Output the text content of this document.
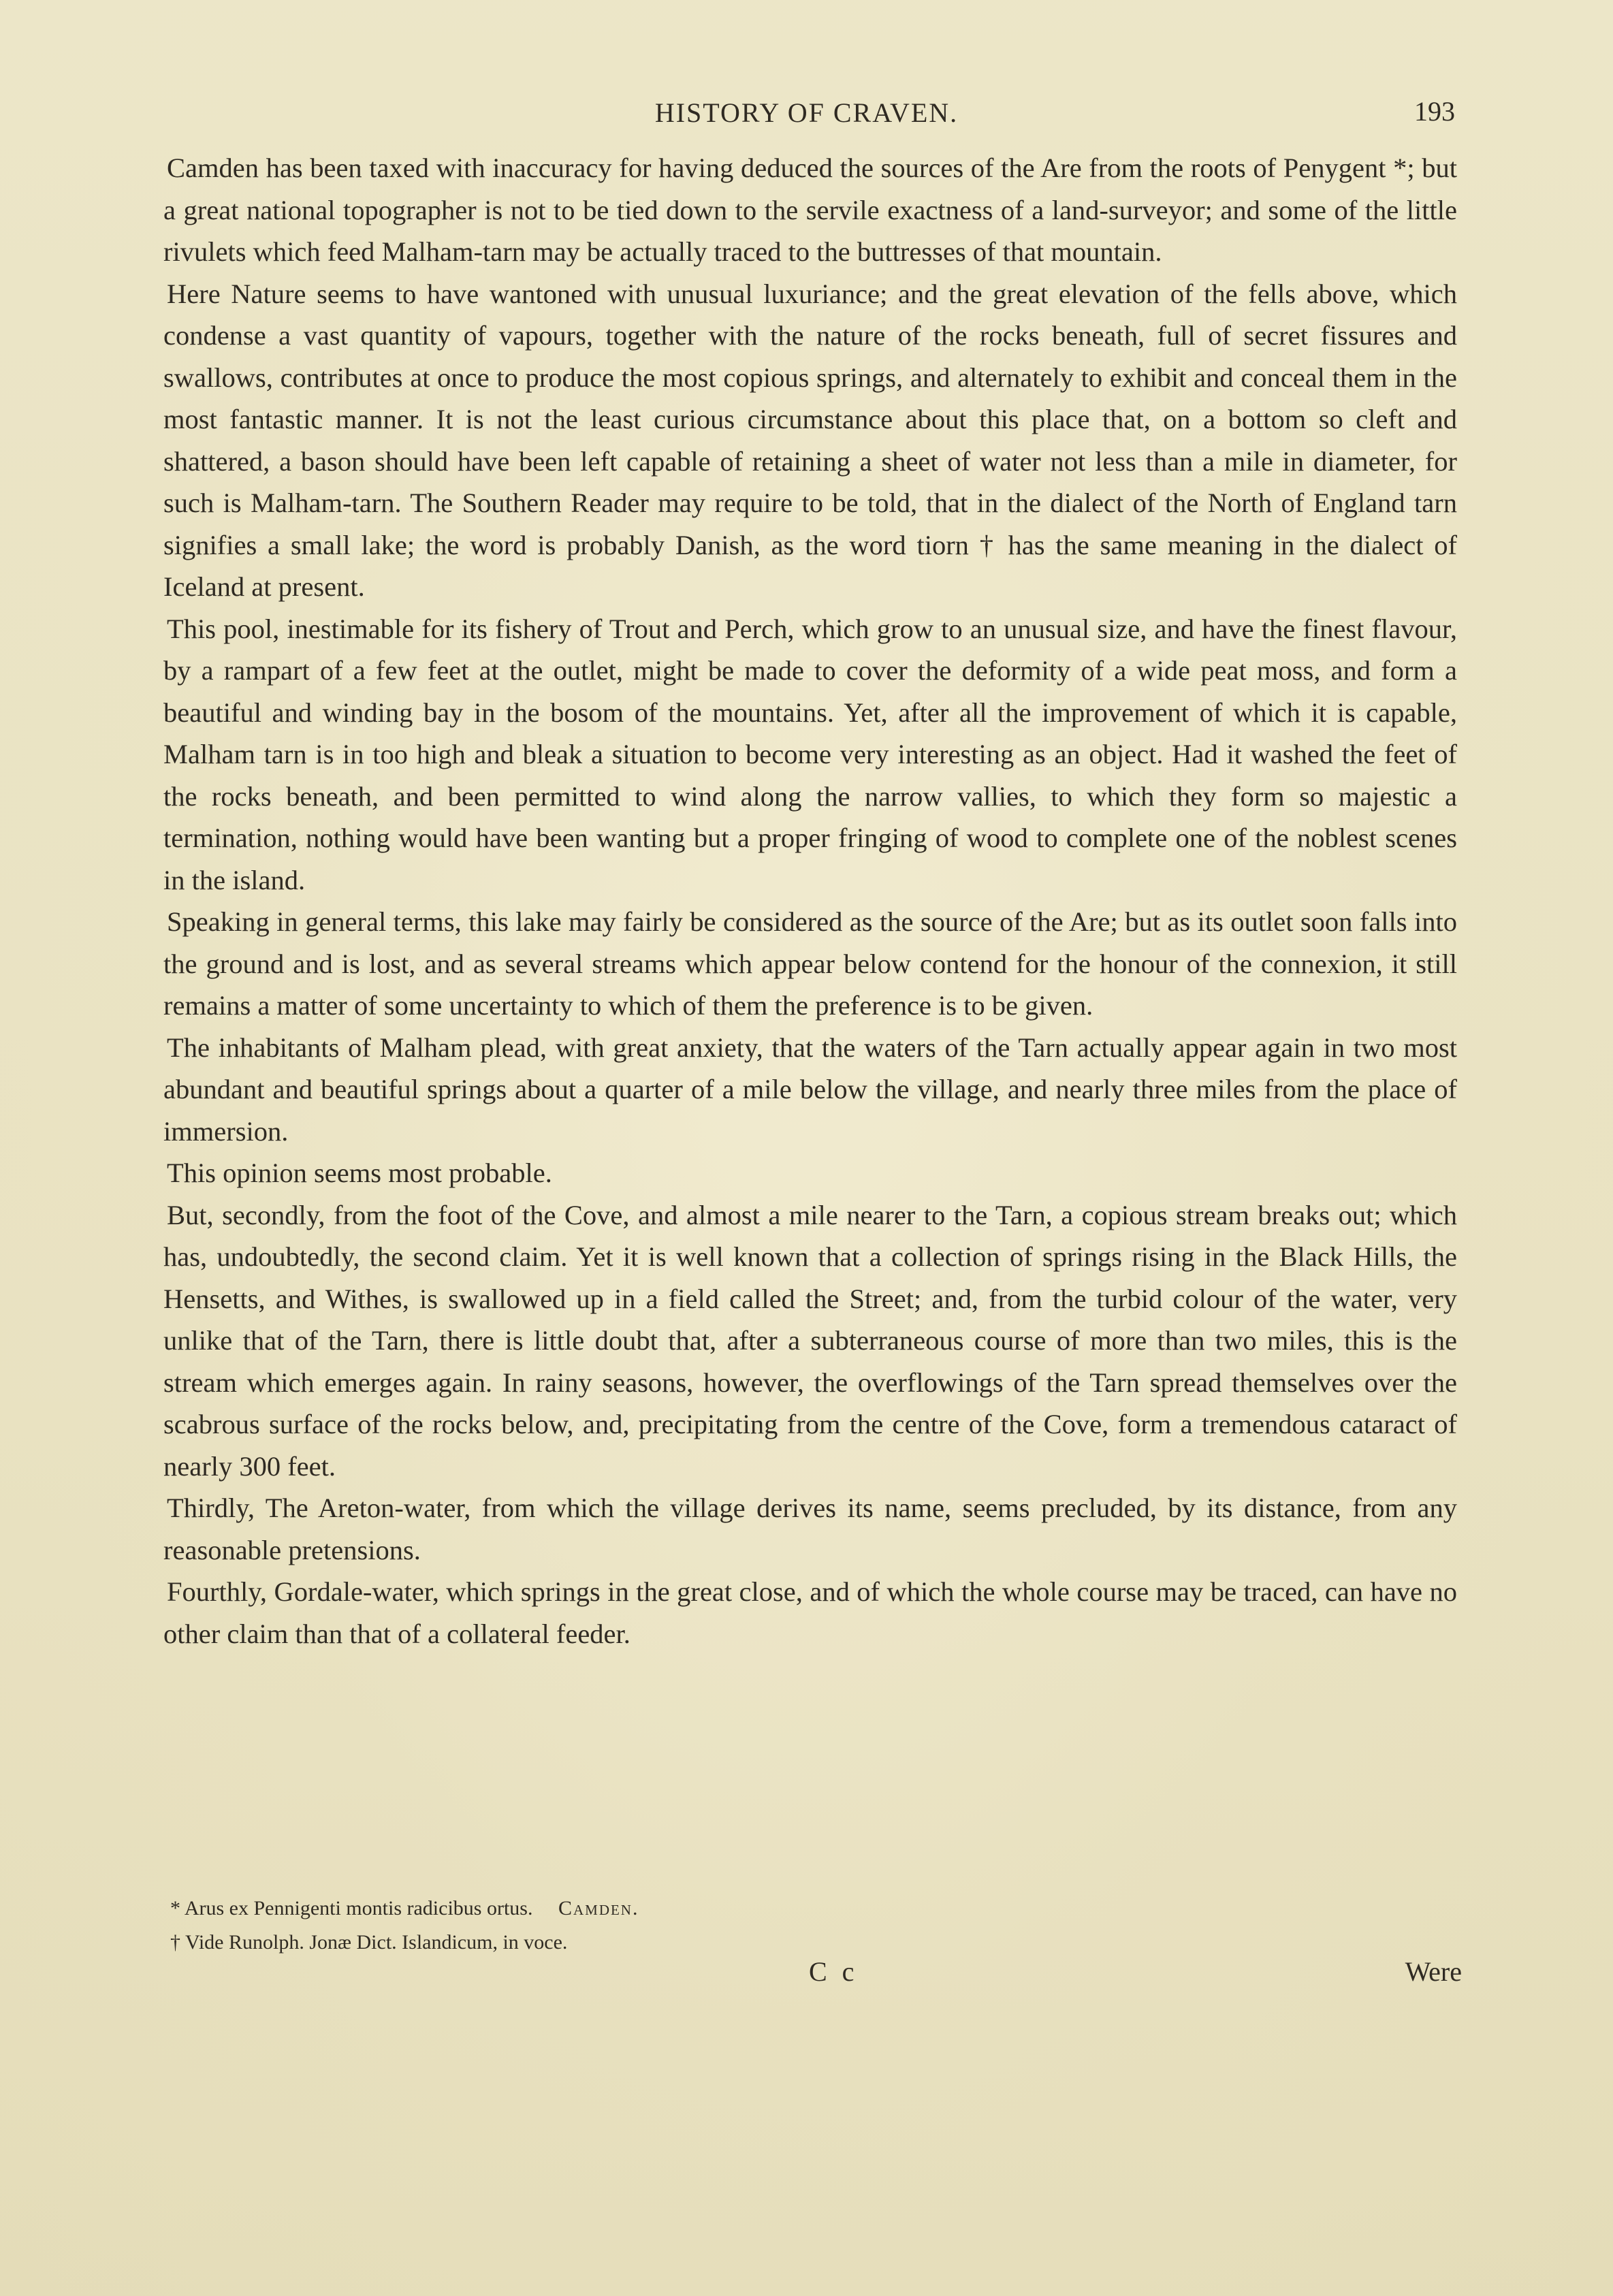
HISTORY OF CRAVEN.	193

Camden has been taxed with inaccuracy for having deduced the sources of the Are from the roots of Penygent *; but a great national topographer is not to be tied down to the servile exactness of a land-surveyor; and some of the little rivulets which feed Malham-tarn may be actually traced to the buttresses of that mountain.

Here Nature seems to have wantoned with unusual luxuriance; and the great elevation of the fells above, which condense a vast quantity of vapours, together with the nature of the rocks beneath, full of secret fissures and swallows, contributes at once to produce the most copious springs, and alternately to exhibit and conceal them in the most fantastic manner. It is not the least curious circumstance about this place that, on a bottom so cleft and shattered, a bason should have been left capable of retaining a sheet of water not less than a mile in diameter, for such is Malham-tarn. The Southern Reader may require to be told, that in the dialect of the North of England tarn signifies a small lake; the word is probably Danish, as the word tiorn † has the same meaning in the dialect of Iceland at present.

This pool, inestimable for its fishery of Trout and Perch, which grow to an unusual size, and have the finest flavour, by a rampart of a few feet at the outlet, might be made to cover the deformity of a wide peat moss, and form a beautiful and winding bay in the bosom of the mountains. Yet, after all the improvement of which it is capable, Malham tarn is in too high and bleak a situation to become very interesting as an object. Had it washed the feet of the rocks beneath, and been permitted to wind along the narrow vallies, to which they form so majestic a termination, nothing would have been wanting but a proper fringing of wood to complete one of the noblest scenes in the island.

Speaking in general terms, this lake may fairly be considered as the source of the Are; but as its outlet soon falls into the ground and is lost, and as several streams which appear below contend for the honour of the connexion, it still remains a matter of some uncertainty to which of them the preference is to be given.

The inhabitants of Malham plead, with great anxiety, that the waters of the Tarn actually appear again in two most abundant and beautiful springs about a quarter of a mile below the village, and nearly three miles from the place of immersion.

This opinion seems most probable.

But, secondly, from the foot of the Cove, and almost a mile nearer to the Tarn, a copious stream breaks out; which has, undoubtedly, the second claim. Yet it is well known that a collection of springs rising in the Black Hills, the Hensetts, and Withes, is swallowed up in a field called the Street; and, from the turbid colour of the water, very unlike that of the Tarn, there is little doubt that, after a subterraneous course of more than two miles, this is the stream which emerges again. In rainy seasons, however, the overflowings of the Tarn spread themselves over the scabrous surface of the rocks below, and, precipitating from the centre of the Cove, form a tremendous cataract of nearly 300 feet.

Thirdly, The Areton-water, from which the village derives its name, seems precluded, by its distance, from any reasonable pretensions.

Fourthly, Gordale-water, which springs in the great close, and of which the whole course may be traced, can have no other claim than that of a collateral feeder.

* Arus ex Pennigenti montis radicibus ortus. Camden.

† Vide Runolph. Jonæ Dict. Islandicum, in voce.

C c	Were
